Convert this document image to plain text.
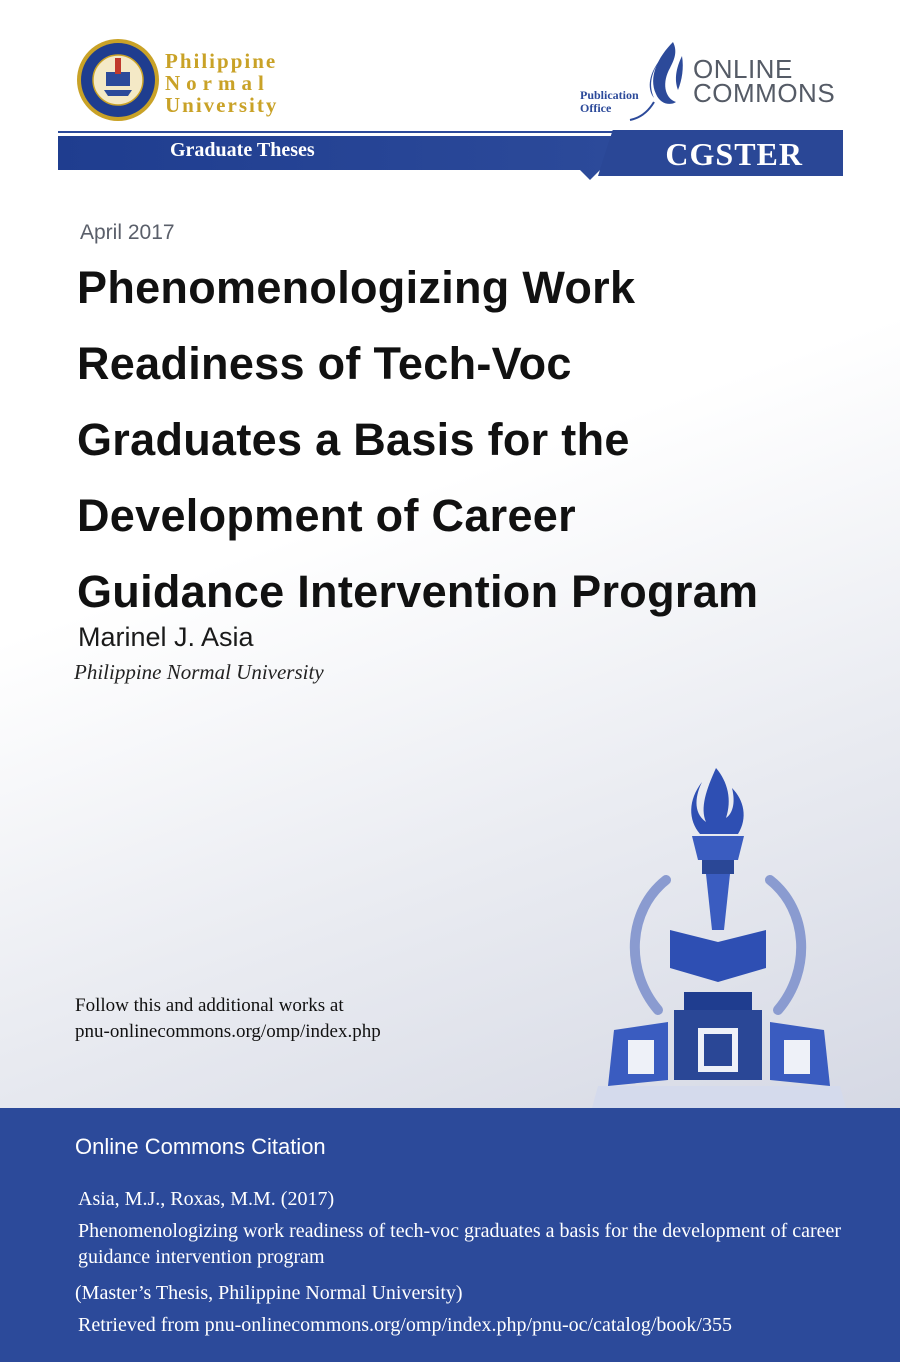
Philippine
Normal
University
ONLINE
COMMONS
Publication
Office
Graduate Theses	CGSTER
April 2017
Phenomenologizing Work
Readiness of Tech-Voc
Graduates a Basis for the
Development of Career
Guidance Intervention Program
Marinel J. Asia
Philippine Normal University
Follow this and additional works at
pnu-onlinecommons.org/omp/index.php
Online Commons Citation
Asia, M.J., Roxas, M.M. (2017)
Phenomenologizing work readiness of tech-voc graduates a basis for the development of career guidance intervention program
(Master’s Thesis, Philippine Normal University)
Retrieved from pnu-onlinecommons.org/omp/index.php/pnu-oc/catalog/book/355
